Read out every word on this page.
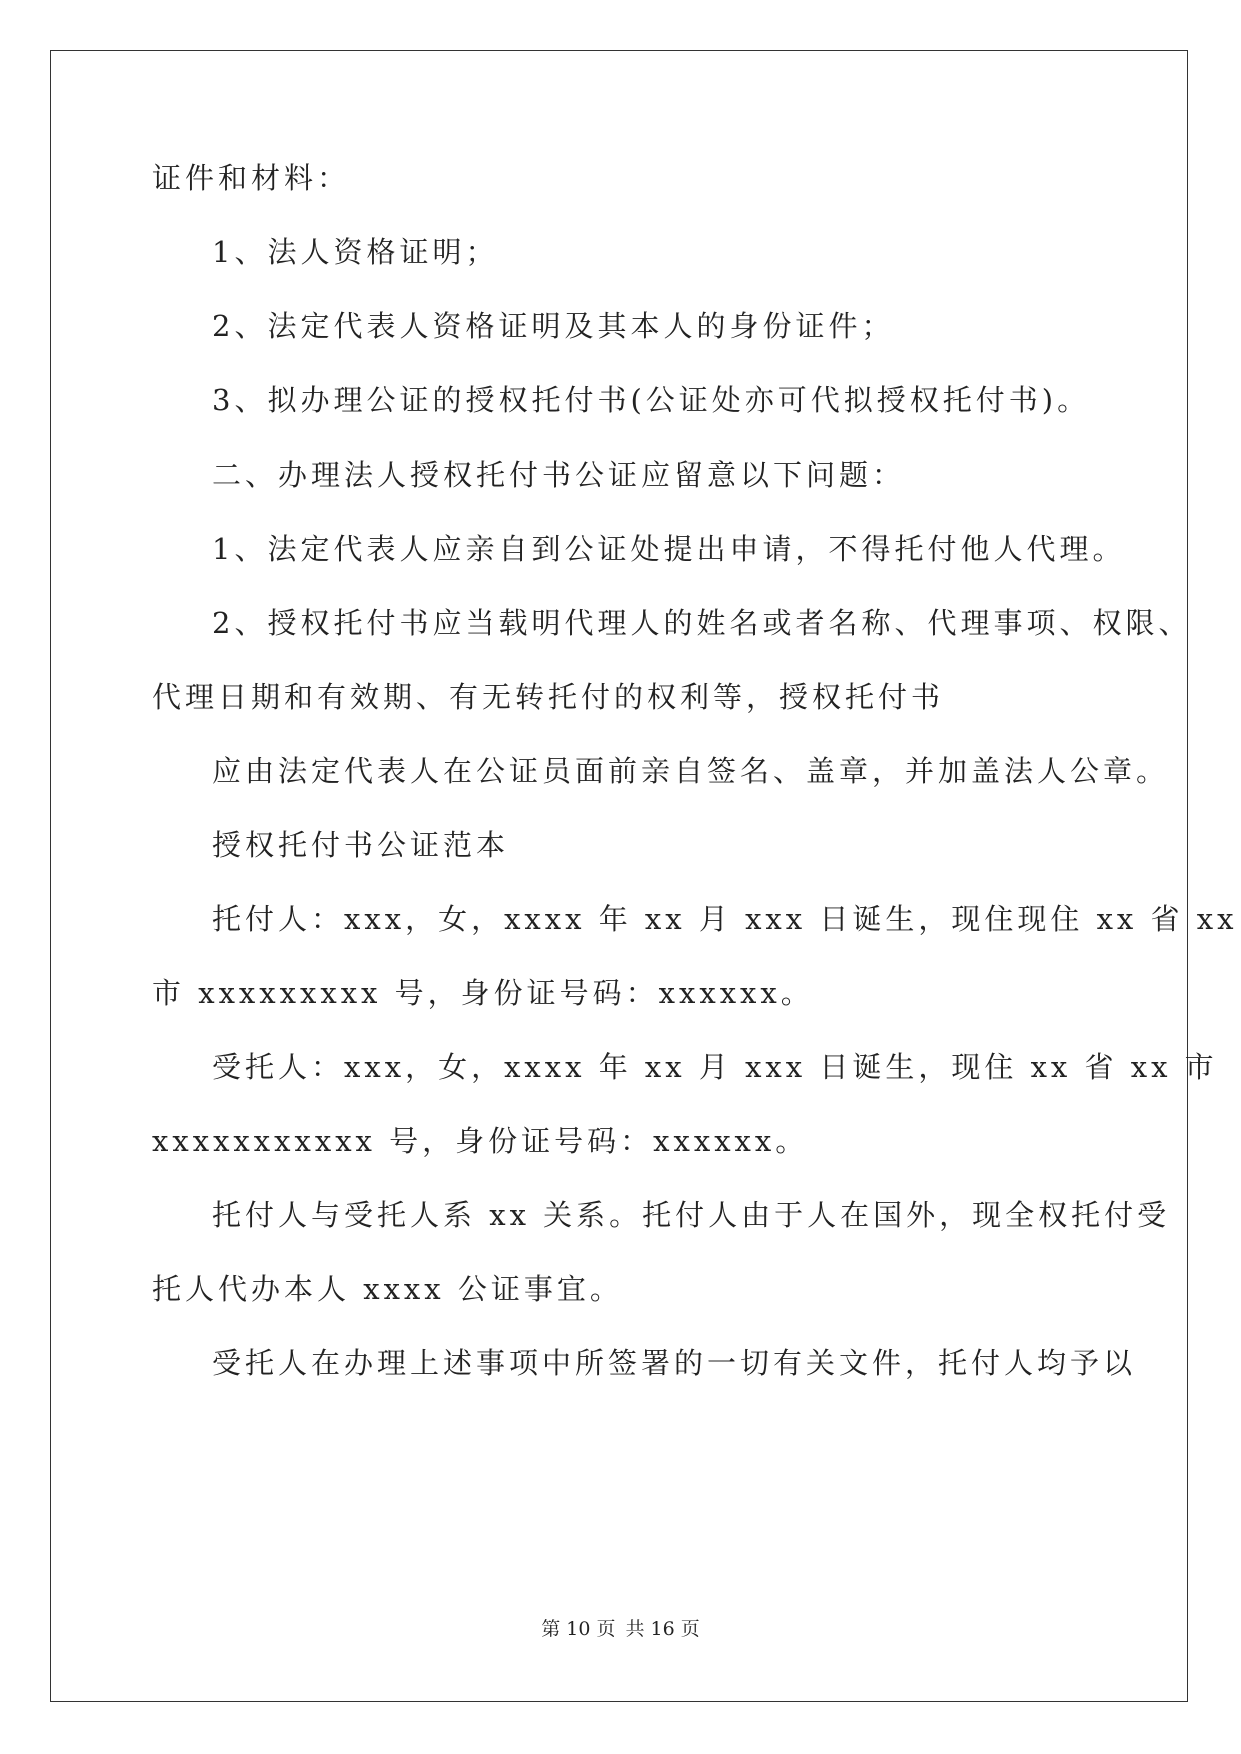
证件和材料：
1、法人资格证明；
2、法定代表人资格证明及其本人的身份证件；
3、拟办理公证的授权托付书(公证处亦可代拟授权托付书)。
二、办理法人授权托付书公证应留意以下问题：
1、法定代表人应亲自到公证处提出申请，不得托付他人代理。
2、授权托付书应当载明代理人的姓名或者名称、代理事项、权限、
代理日期和有效期、有无转托付的权利等，授权托付书
应由法定代表人在公证员面前亲自签名、盖章，并加盖法人公章。
授权托付书公证范本
托付人：xxx，女，xxxx 年 xx 月 xxx 日诞生，现住现住 xx 省 xx
市 xxxxxxxxx 号，身份证号码：xxxxxx。
受托人：xxx，女，xxxx 年 xx 月 xxx 日诞生，现住 xx 省 xx 市
xxxxxxxxxxx 号，身份证号码：xxxxxx。
托付人与受托人系 xx 关系。托付人由于人在国外，现全权托付受
托人代办本人 xxxx 公证事宜。
受托人在办理上述事项中所签署的一切有关文件，托付人均予以
第 10 页 共 16 页
